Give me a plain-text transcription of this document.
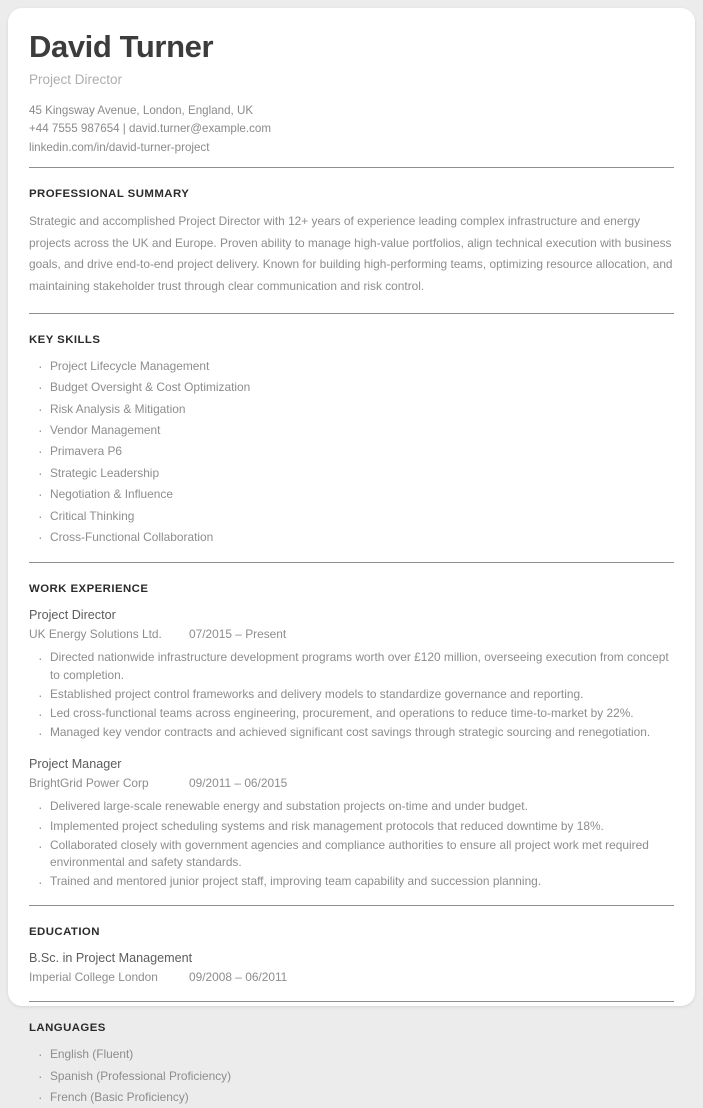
David Turner
Project Director
45 Kingsway Avenue, London, England, UK
+44 7555 987654 | david.turner@example.com
linkedin.com/in/david-turner-project
PROFESSIONAL SUMMARY

Strategic and accomplished Project Director with 12+ years of experience leading complex infrastructure and energy projects across the UK and Europe. Proven ability to manage high-value portfolios, align technical execution with business goals, and drive end-to-end project delivery. Known for building high-performing teams, optimizing resource allocation, and maintaining stakeholder trust through clear communication and risk control.

KEY SKILLS
· Project Lifecycle Management
· Budget Oversight & Cost Optimization
· Risk Analysis & Mitigation
· Vendor Management
· Primavera P6
· Strategic Leadership
· Negotiation & Influence
· Critical Thinking
· Cross-Functional Collaboration
WORK EXPERIENCE
Project Director
UK Energy Solutions Ltd.	07/2015 – Present
· Directed nationwide infrastructure development programs worth over £120 million, overseeing execution from concept to completion.
· Established project control frameworks and delivery models to standardize governance and reporting.
· Led cross-functional teams across engineering, procurement, and operations to reduce time-to-market by 22%.
· Managed key vendor contracts and achieved significant cost savings through strategic sourcing and renegotiation.
Project Manager
BrightGrid Power Corp	09/2011 – 06/2015
· Delivered large-scale renewable energy and substation projects on-time and under budget.
· Implemented project scheduling systems and risk management protocols that reduced downtime by 18%.
· Collaborated closely with government agencies and compliance authorities to ensure all project work met required environmental and safety standards.
· Trained and mentored junior project staff, improving team capability and succession planning.
EDUCATION
B.Sc. in Project Management
Imperial College London	09/2008 – 06/2011
LANGUAGES
· English (Fluent)
· Spanish (Professional Proficiency)
· French (Basic Proficiency)
